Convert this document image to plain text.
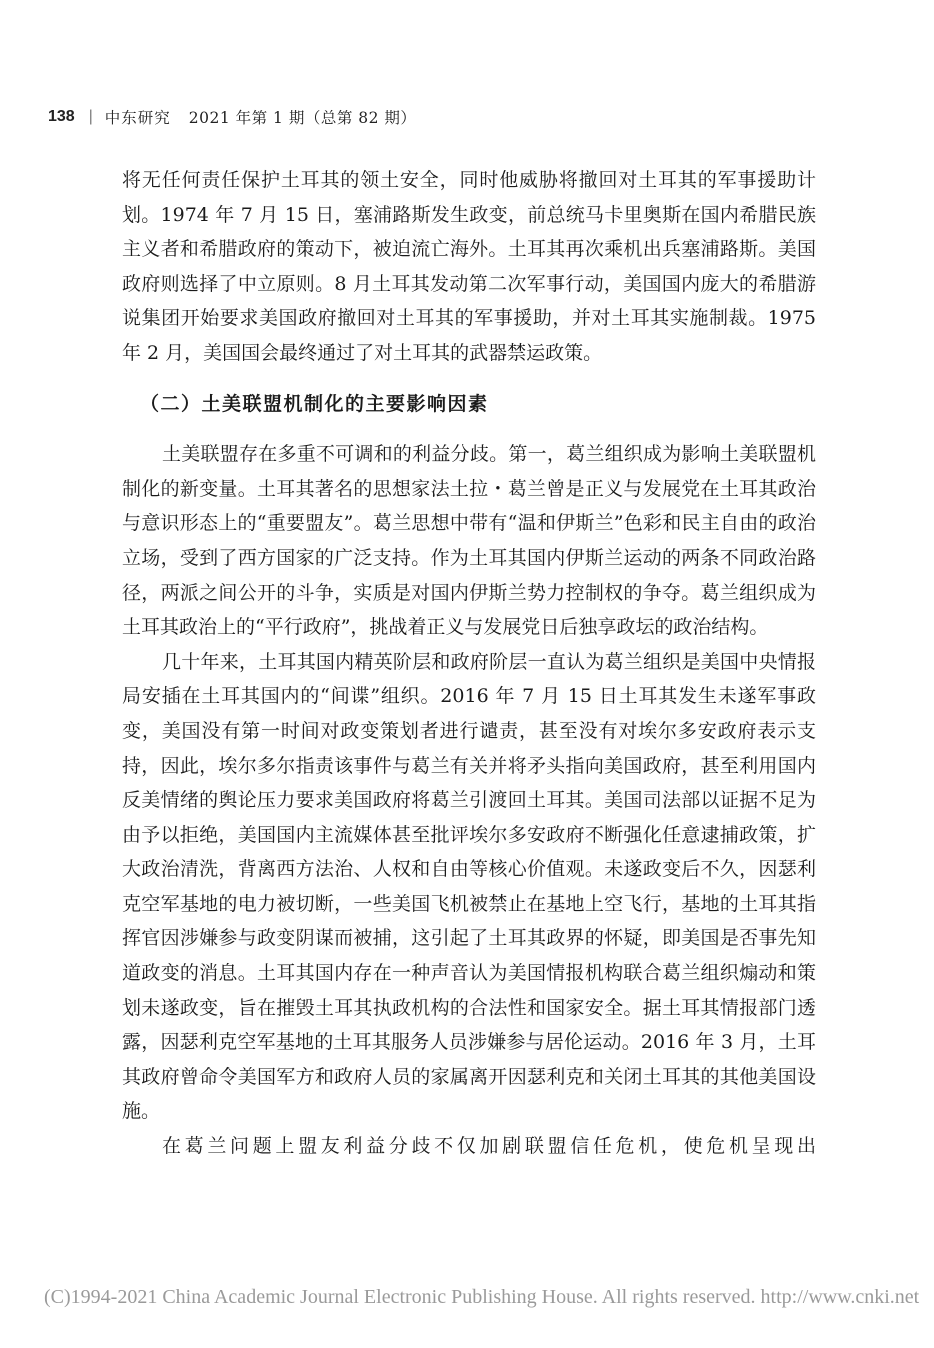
138 | 中东研究 2021 年第 1 期（总第 82 期）

将无任何责任保护土耳其的领土安全，同时他威胁将撤回对土耳其的军事援助计划。1974 年 7 月 15 日，塞浦路斯发生政变，前总统马卡里奥斯在国内希腊民族主义者和希腊政府的策动下，被迫流亡海外。土耳其再次乘机出兵塞浦路斯。美国政府则选择了中立原则。8 月土耳其发动第二次军事行动，美国国内庞大的希腊游说集团开始要求美国政府撤回对土耳其的军事援助，并对土耳其实施制裁。1975 年 2 月，美国国会最终通过了对土耳其的武器禁运政策。

（二）土美联盟机制化的主要影响因素

土美联盟存在多重不可调和的利益分歧。第一，葛兰组织成为影响土美联盟机制化的新变量。土耳其著名的思想家法土拉・葛兰曾是正义与发展党在土耳其政治与意识形态上的“重要盟友”。葛兰思想中带有“温和伊斯兰”色彩和民主自由的政治立场，受到了西方国家的广泛支持。作为土耳其国内伊斯兰运动的两条不同政治路径，两派之间公开的斗争，实质是对国内伊斯兰势力控制权的争夺。葛兰组织成为土耳其政治上的“平行政府”，挑战着正义与发展党日后独享政坛的政治结构。

几十年来，土耳其国内精英阶层和政府阶层一直认为葛兰组织是美国中央情报局安插在土耳其国内的“间谍”组织。2016 年 7 月 15 日土耳其发生未遂军事政变，美国没有第一时间对政变策划者进行谴责，甚至没有对埃尔多安政府表示支持，因此，埃尔多尔指责该事件与葛兰有关并将矛头指向美国政府，甚至利用国内反美情绪的舆论压力要求美国政府将葛兰引渡回土耳其。美国司法部以证据不足为由予以拒绝，美国国内主流媒体甚至批评埃尔多安政府不断强化任意逮捕政策，扩大政治清洗，背离西方法治、人权和自由等核心价值观。未遂政变后不久，因瑟利克空军基地的电力被切断，一些美国飞机被禁止在基地上空飞行，基地的土耳其指挥官因涉嫌参与政变阴谋而被捕，这引起了土耳其政界的怀疑，即美国是否事先知道政变的消息。土耳其国内存在一种声音认为美国情报机构联合葛兰组织煽动和策划未遂政变，旨在摧毁土耳其执政机构的合法性和国家安全。据土耳其情报部门透露，因瑟利克空军基地的土耳其服务人员涉嫌参与居伦运动。2016 年 3 月，土耳其政府曾命令美国军方和政府人员的家属离开因瑟利克和关闭土耳其的其他美国设施。

在葛兰问题上盟友利益分歧不仅加剧联盟信任危机，使危机呈现出

(C)1994-2021 China Academic Journal Electronic Publishing House. All rights reserved. http://www.cnki.net
